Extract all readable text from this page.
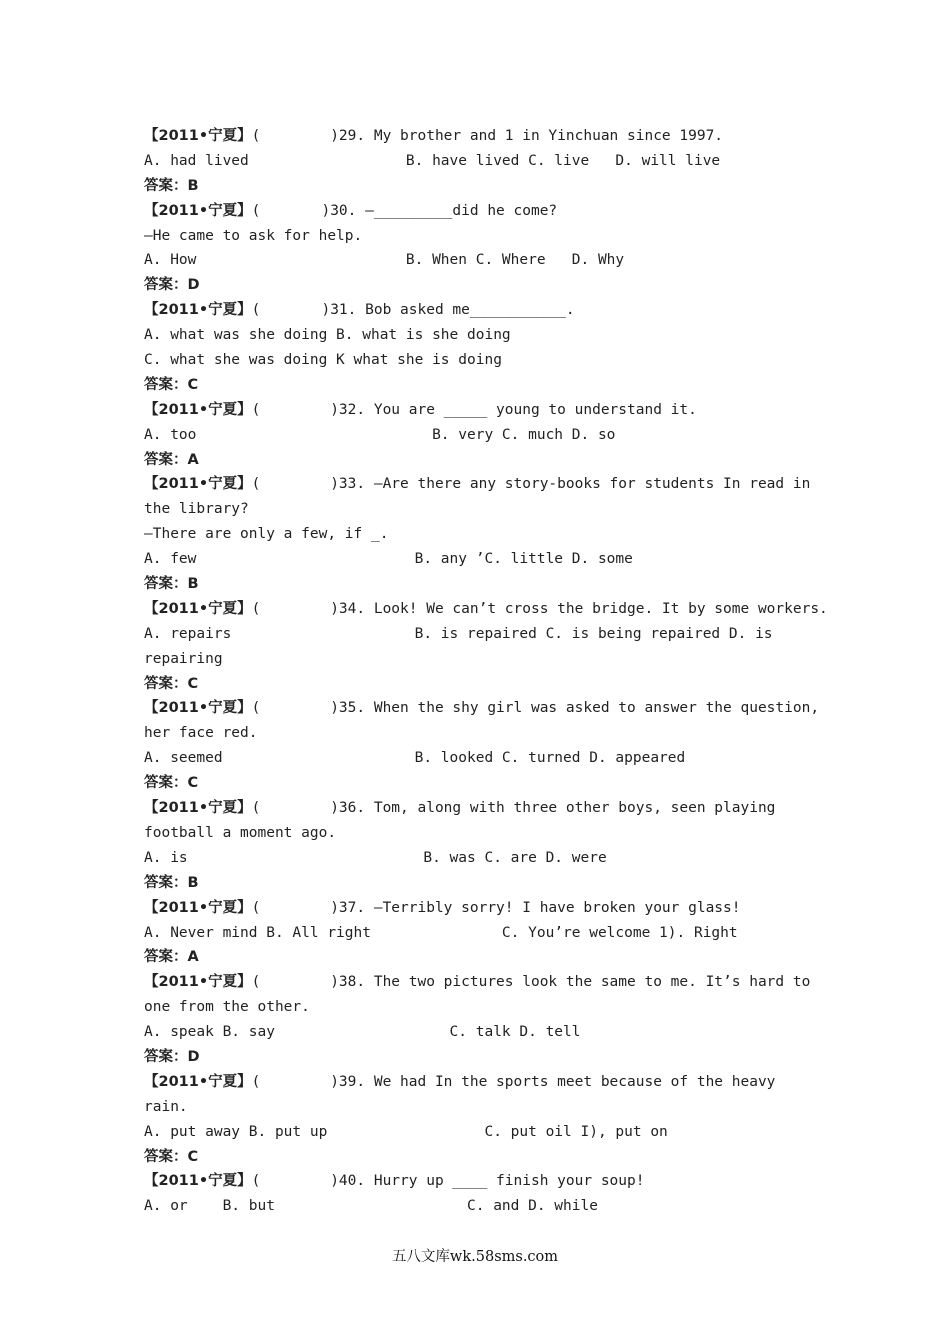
【2011•宁夏】(        )29. My brother and 1 in Yinchuan since 1997.
A. had lived                  B. have lived C. live   D. will live
答案：B
【2011•宁夏】(       )30. —_________did he come?
—He came to ask for help.
A. How                        B. When C. Where   D. Why
答案：D
【2011•宁夏】(       )31. Bob asked me___________.
A. what was she doing B. what is she doing
C. what she was doing K what she is doing
答案：C
【2011•宁夏】(        )32. You are _____ young to understand it.
A. too                           B. very C. much D. so
答案：A
【2011•宁夏】(        )33. —Are there any story-books for students In read in
the library?
—There are only a few, if _.
A. few                         B. any ’C. little D. some
答案：B
【2011•宁夏】(        )34. Look! We can’t cross the bridge. It by some workers.
A. repairs                     B. is repaired C. is being repaired D. is
repairing
答案：C
【2011•宁夏】(        )35. When the shy girl was asked to answer the question,
her face red.
A. seemed                      B. looked C. turned D. appeared
答案：C
【2011•宁夏】(        )36. Tom, along with three other boys, seen playing
football a moment ago.
A. is                           B. was C. are D. were
答案：B
【2011•宁夏】(        )37. —Terribly sorry! I have broken your glass!
A. Never mind B. All right               C. You’re welcome 1). Right
答案：A
【2011•宁夏】(        )38. The two pictures look the same to me. It’s hard to
one from the other.
A. speak B. say                    C. talk D. tell
答案：D
【2011•宁夏】(        )39. We had In the sports meet because of the heavy
rain.
A. put away B. put up                  C. put oil I), put on
答案：C
【2011•宁夏】(        )40. Hurry up ____ finish your soup!
A. or    B. but                      C. and D. while
五八文库wk.58sms.com
